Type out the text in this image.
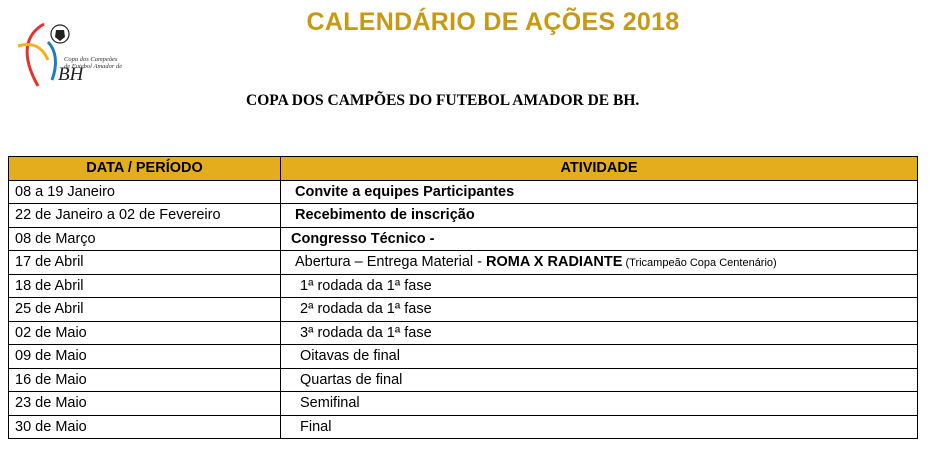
Copa dos Campeões
de Futebol Amador de
BH
CALENDÁRIO DE AÇÕES 2018
COPA DOS CAMPÕES DO FUTEBOL AMADOR DE BH.
DATA / PERÍODO	ATIVIDADE
08 a 19 Janeiro	Convite a equipes Participantes
22 de Janeiro a 02 de Fevereiro	Recebimento de inscrição
08 de Março	Congresso Técnico -
17 de Abril	Abertura – Entrega Material - ROMA X RADIANTE (Tricampeão Copa Centenário)
18 de Abril	1ª rodada da 1ª fase
25 de Abril	2ª rodada da 1ª fase
02 de Maio	3ª rodada da 1ª fase
09 de Maio	Oitavas de final
16 de Maio	Quartas de final
23 de Maio	Semifinal
30 de Maio	Final
